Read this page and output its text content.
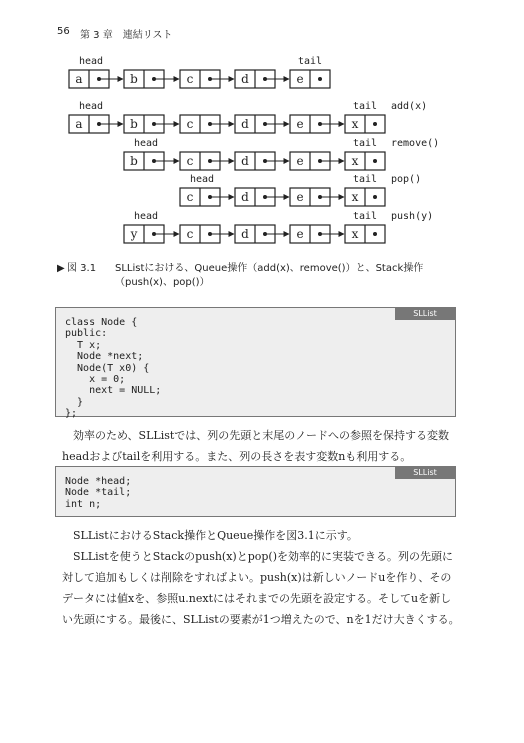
56 第 3 章　連結リスト
head	tail
a	b	c	d	e
head	tail
a	b	c	d	e	x
add(x)
head	tail
b	c	d	e	x
remove()
head	tail
c	d	e	x
pop()
head	tail
y	c	d	e	x
push(y)
▶ 図 3.1 SLListにおける、Queue操作（add(x)、remove()）と、Stack操作（push(x)、pop()）
SLList
class Node {
public:
T x;
Node *next;
Node(T x0) {
x = 0;
next = NULL;
}
};

効率のため、SLListでは、列の先頭と末尾のノードへの参照を保持する変数headおよびtailを利用する。また、列の長さを表す変数nも利用する。

SLList
Node *head;
Node *tail;
int n;

SLListにおけるStack操作とQueue操作を図3.1に示す。

SLListを使うとStackのpush(x)とpop()を効率的に実装できる。列の先頭に対して追加もしくは削除をすればよい。push(x)は新しいノードuを作り、そのデータには値xを、参照u.nextにはそれまでの先頭を設定する。そしてuを新しい先頭にする。最後に、SLListの要素が1つ増えたので、nを1だけ大きくする。
